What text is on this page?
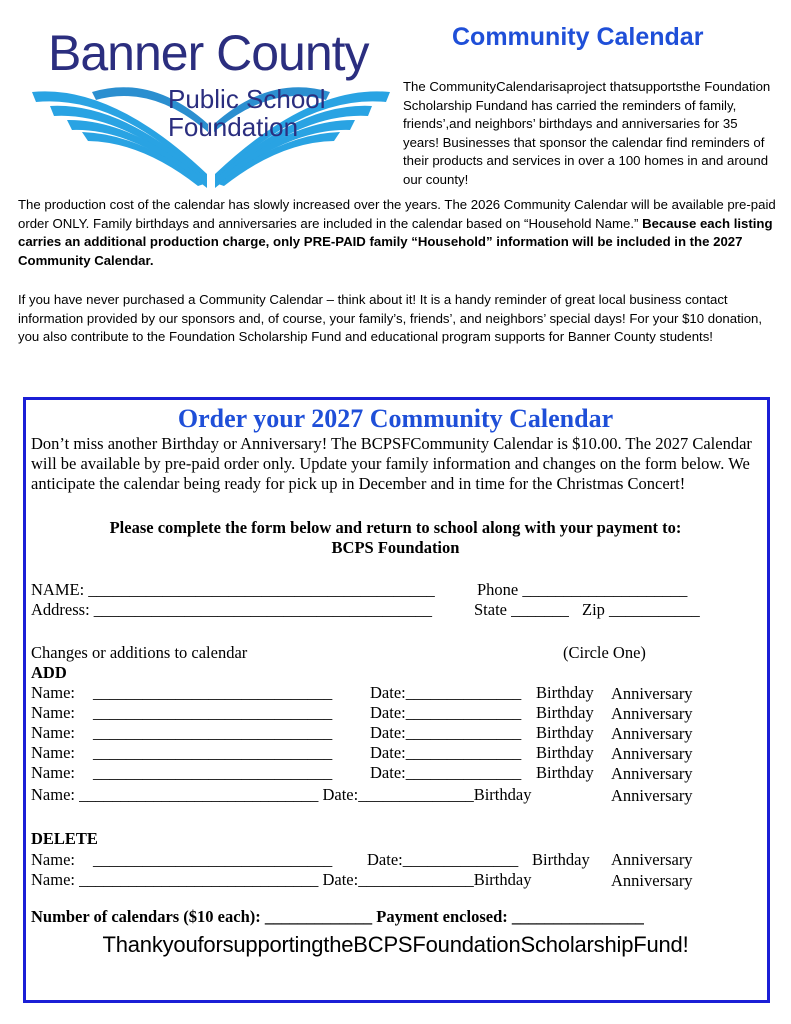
Banner County
Public School
Foundation
Community Calendar
The CommunityCalendarisaproject thatsupportsthe Foundation Scholarship Fundand has carried the reminders of family, friends’,and neighbors’ birthdays and anniversaries for 35 years! Businesses that sponsor the calendar find reminders of their products and services in over a 100 homes in and around our county!
The production cost of the calendar has slowly increased over the years. The 2026 Community Calendar will be available pre-paid order ONLY. Family birthdays and anniversaries are included in the calendar based on “Household Name.” Because each listing carries an additional production charge, only PRE-PAID family “Household” information will be included in the 2027 Community Calendar.
If you have never purchased a Community Calendar – think about it! It is a handy reminder of great local business contact information provided by our sponsors and, of course, your family’s, friends’, and neighbors’ special days! For your $10 donation, you also contribute to the Foundation Scholarship Fund and educational program supports for Banner County students!
Order your 2027 Community Calendar
Don’t miss another Birthday or Anniversary! The BCPSFCommunity Calendar is $10.00. The 2027 Calendar will be available by pre-paid order only. Update your family information and changes on the form below. We anticipate the calendar being ready for pick up in December and in time for the Christmas Concert!
Please complete the form below and return to school along with your payment to:
BCPS Foundation
NAME: __________________________________________	Phone ____________________
Address: _________________________________________	State _______ Zip ___________
Changes or additions to calendar	(Circle One)
ADD
Name: _____________________________ Date:______________ Birthday Anniversary
Name: _____________________________ Date:______________ Birthday Anniversary
Name: _____________________________ Date:______________ Birthday Anniversary
Name: _____________________________ Date:______________ Birthday Anniversary
Name: _____________________________ Date:______________ Birthday Anniversary
Name: _____________________________ Date:______________Birthday	Anniversary
DELETE
Name: _____________________________ Date:______________ Birthday Anniversary
Name: _____________________________ Date:______________Birthday	Anniversary
Number of calendars ($10 each): _____________ Payment enclosed: ________________
ThankyouforsupportingtheBCPSFoundationScholarshipFund!
